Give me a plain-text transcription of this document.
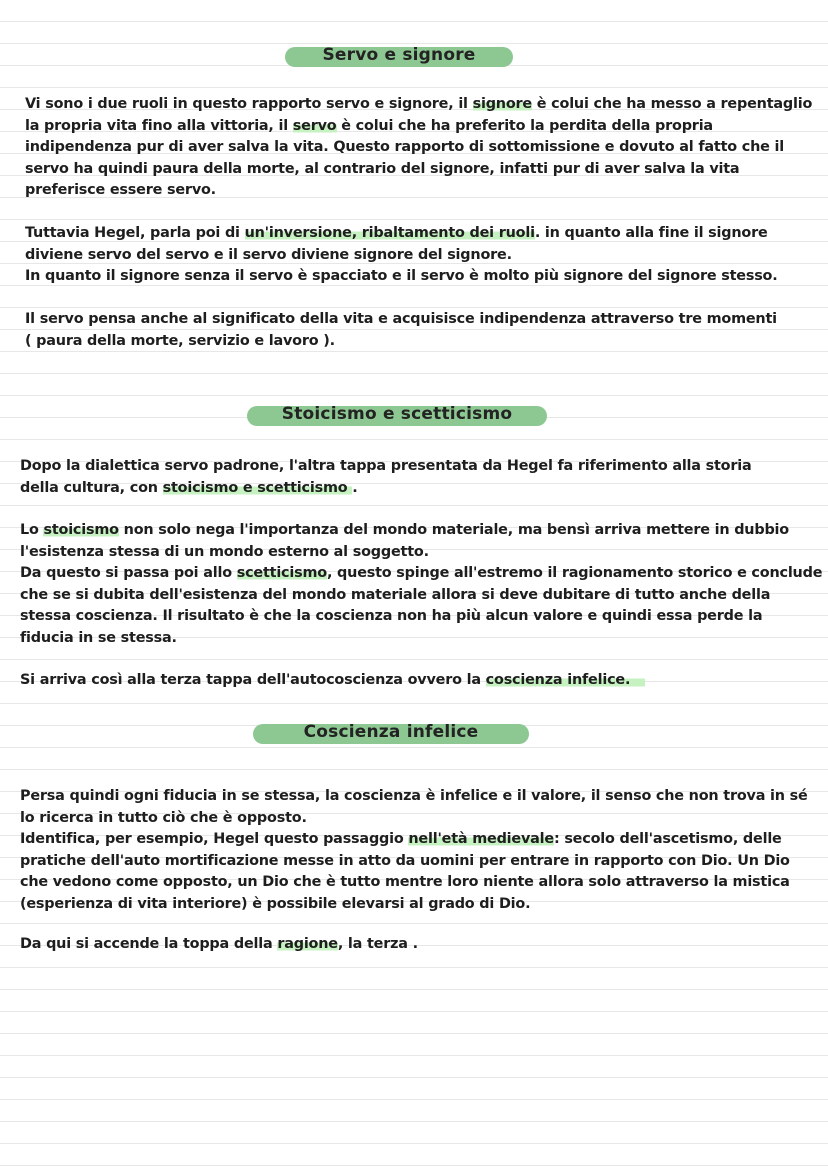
Servo e signore

Vi sono i due ruoli in questo rapporto servo e signore, il signore è colui che ha messo a repentaglio
la propria vita fino alla vittoria, il servo è colui che ha preferito la perdita della propria
indipendenza pur di aver salva la vita. Questo rapporto di sottomissione e dovuto al fatto che il
servo ha quindi paura della morte, al contrario del signore, infatti pur di aver salva la vita
preferisce essere servo.

Tuttavia Hegel, parla poi di un'inversione, ribaltamento dei ruoli. in quanto alla fine il signore
diviene servo del servo e il servo diviene signore del signore.
In quanto il signore senza il servo è spacciato e il servo è molto più signore del signore stesso.

Il servo pensa anche al significato della vita e acquisisce indipendenza attraverso tre momenti
( paura della morte, servizio e lavoro ).

Stoicismo e scetticismo

Dopo la dialettica servo padrone, l'altra tappa presentata da Hegel fa riferimento alla storia
della cultura, con stoicismo e scetticismo .

Lo stoicismo non solo nega l'importanza del mondo materiale, ma bensì arriva mettere in dubbio
l'esistenza stessa di un mondo esterno al soggetto.
Da questo si passa poi allo scetticismo, questo spinge all'estremo il ragionamento storico e conclude
che se si dubita dell'esistenza del mondo materiale allora si deve dubitare di tutto anche della
stessa coscienza. Il risultato è che la coscienza non ha più alcun valore e quindi essa perde la
fiducia in se stessa.

Si arriva così alla terza tappa dell'autocoscienza ovvero la coscienza infelice.

Coscienza infelice

Persa quindi ogni fiducia in se stessa, la coscienza è infelice e il valore, il senso che non trova in sé
lo ricerca in tutto ciò che è opposto.
Identifica, per esempio, Hegel questo passaggio nell'età medievale: secolo dell'ascetismo, delle
pratiche dell'auto mortificazione messe in atto da uomini per entrare in rapporto con Dio. Un Dio
che vedono come opposto, un Dio che è tutto mentre loro niente allora solo attraverso la mistica
(esperienza di vita interiore) è possibile elevarsi al grado di Dio.

Da qui si accende la toppa della ragione, la terza .
